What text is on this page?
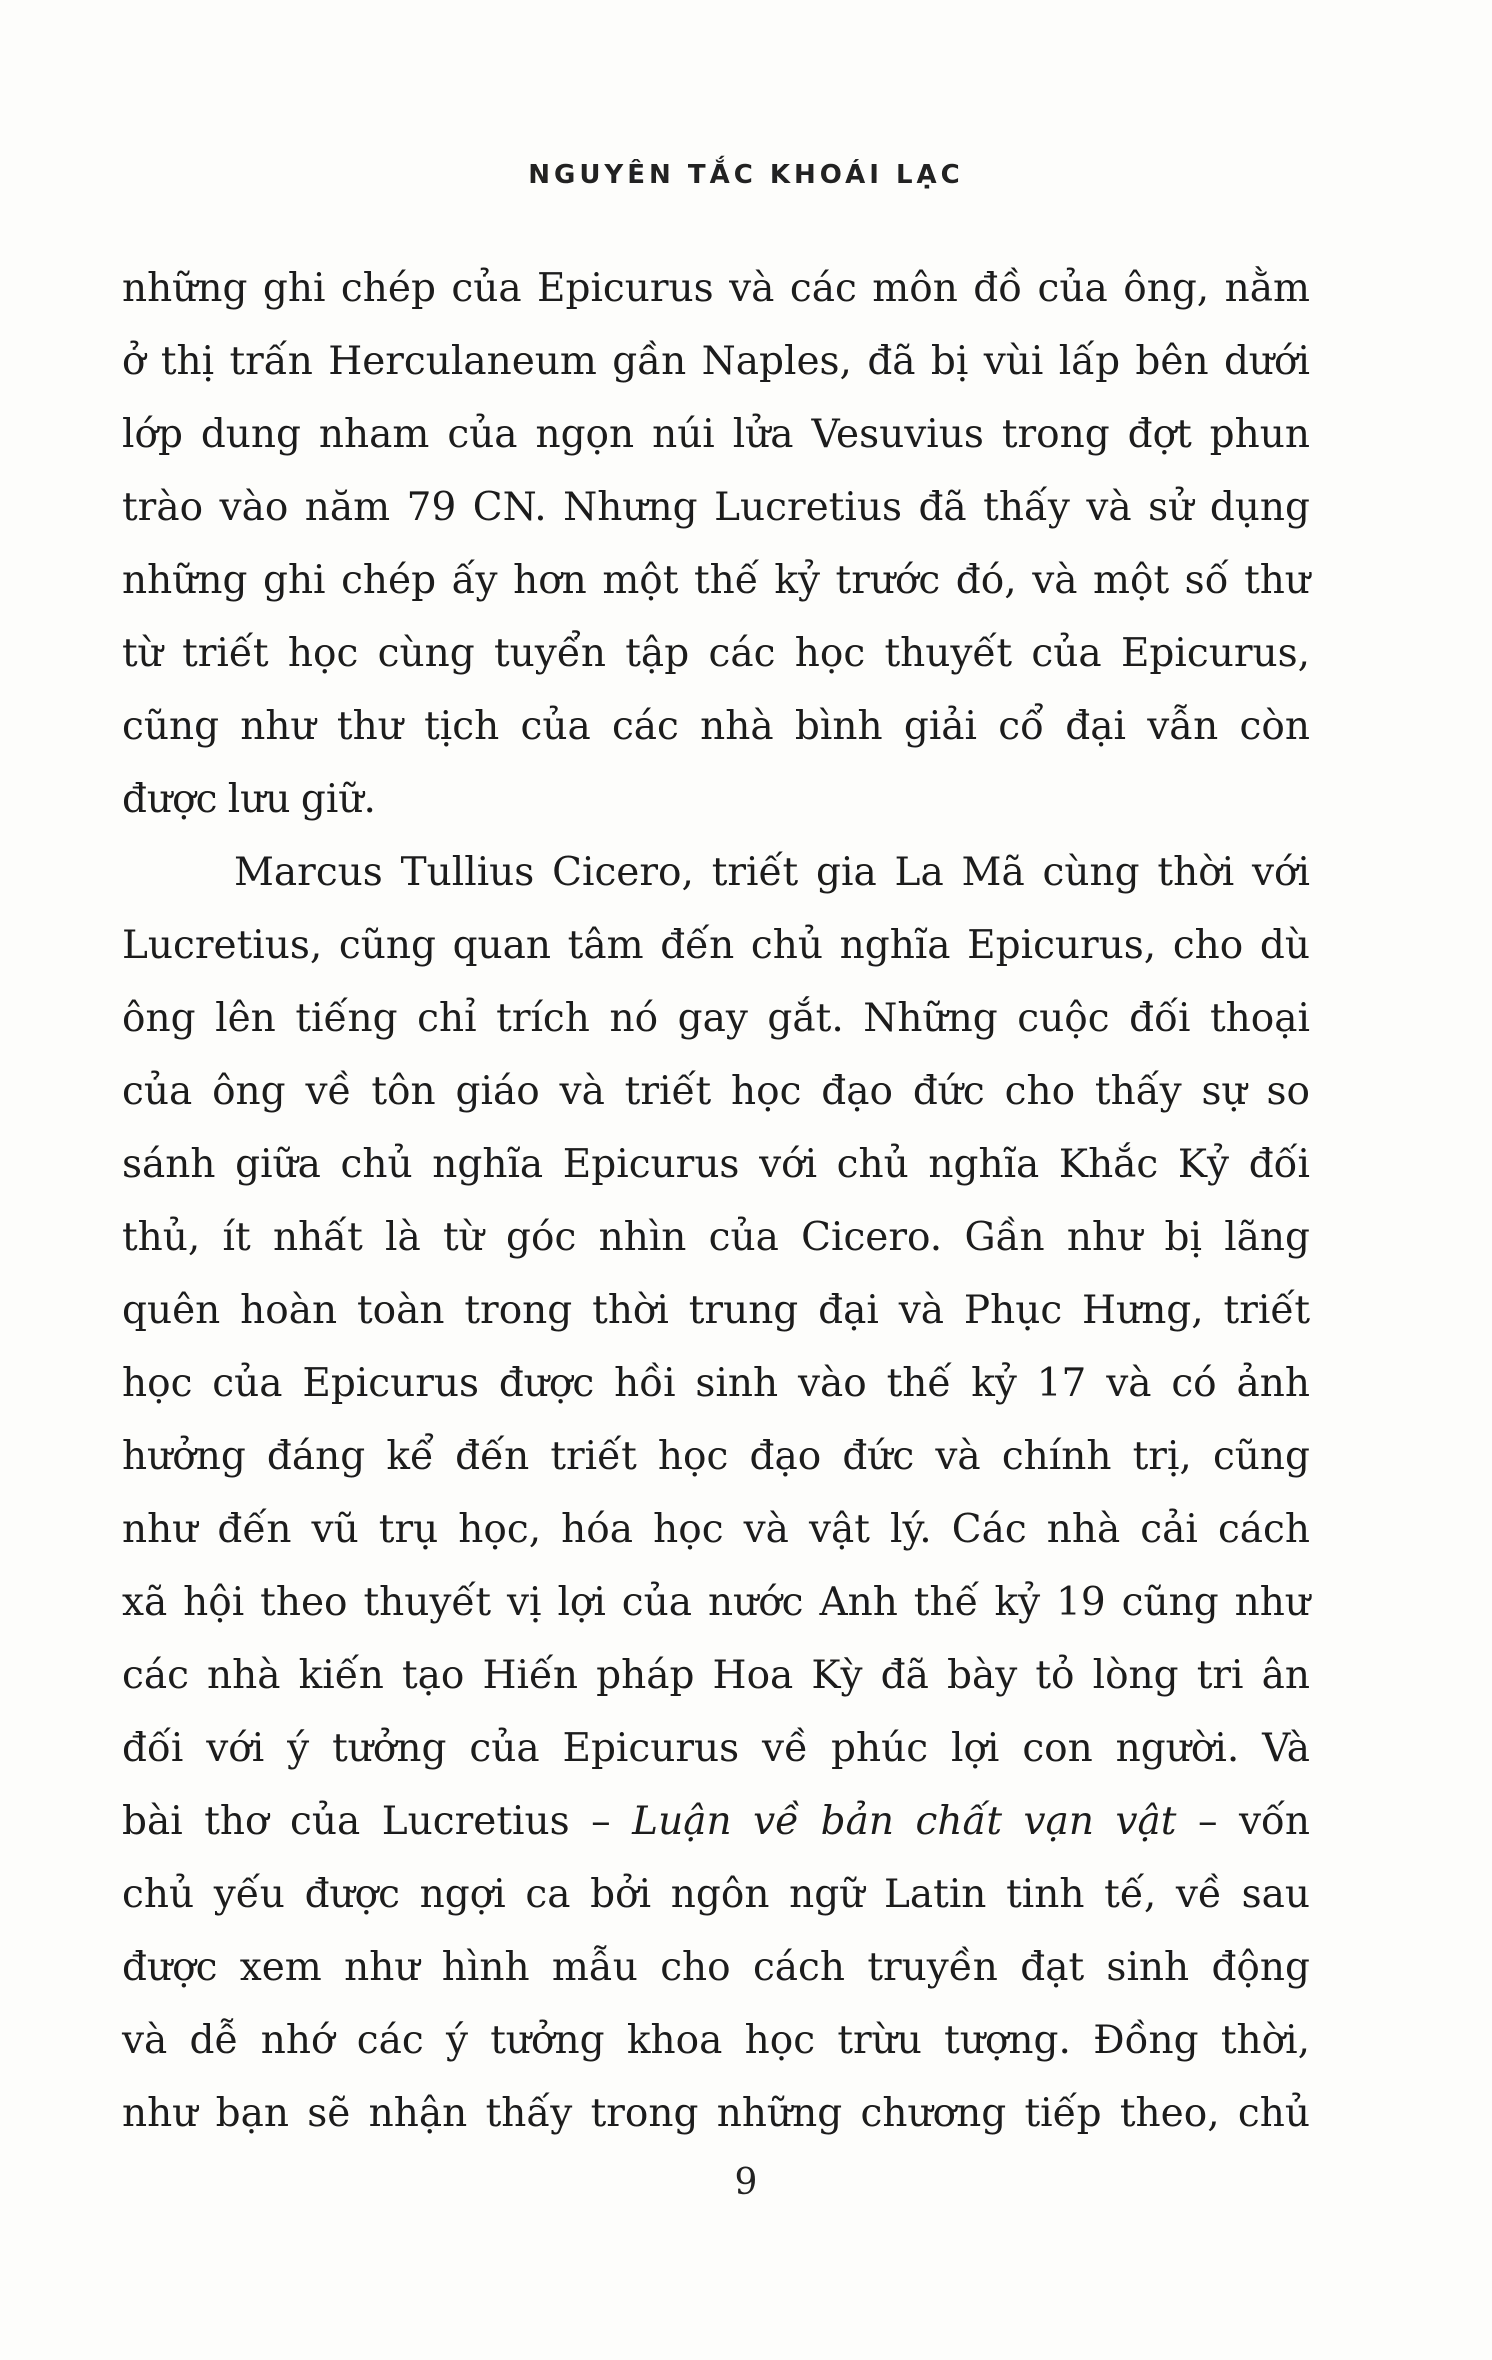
NGUYÊN TẮC KHOÁI LẠC
những ghi chép của Epicurus và các môn đồ của ông, nằm
ở thị trấn Herculaneum gần Naples, đã bị vùi lấp bên dưới
lớp dung nham của ngọn núi lửa Vesuvius trong đợt phun
trào vào năm 79 CN. Nhưng Lucretius đã thấy và sử dụng
những ghi chép ấy hơn một thế kỷ trước đó, và một số thư
từ triết học cùng tuyển tập các học thuyết của Epicurus,
cũng như thư tịch của các nhà bình giải cổ đại vẫn còn
được lưu giữ.
Marcus Tullius Cicero, triết gia La Mã cùng thời với
Lucretius, cũng quan tâm đến chủ nghĩa Epicurus, cho dù
ông lên tiếng chỉ trích nó gay gắt. Những cuộc đối thoại
của ông về tôn giáo và triết học đạo đức cho thấy sự so
sánh giữa chủ nghĩa Epicurus với chủ nghĩa Khắc Kỷ đối
thủ, ít nhất là từ góc nhìn của Cicero. Gần như bị lãng
quên hoàn toàn trong thời trung đại và Phục Hưng, triết
học của Epicurus được hồi sinh vào thế kỷ 17 và có ảnh
hưởng đáng kể đến triết học đạo đức và chính trị, cũng
như đến vũ trụ học, hóa học và vật lý. Các nhà cải cách
xã hội theo thuyết vị lợi của nước Anh thế kỷ 19 cũng như
các nhà kiến tạo Hiến pháp Hoa Kỳ đã bày tỏ lòng tri ân
đối với ý tưởng của Epicurus về phúc lợi con người. Và
bài thơ của Lucretius – Luận về bản chất vạn vật – vốn
chủ yếu được ngợi ca bởi ngôn ngữ Latin tinh tế, về sau
được xem như hình mẫu cho cách truyền đạt sinh động
và dễ nhớ các ý tưởng khoa học trừu tượng. Đồng thời,
như bạn sẽ nhận thấy trong những chương tiếp theo, chủ
9
